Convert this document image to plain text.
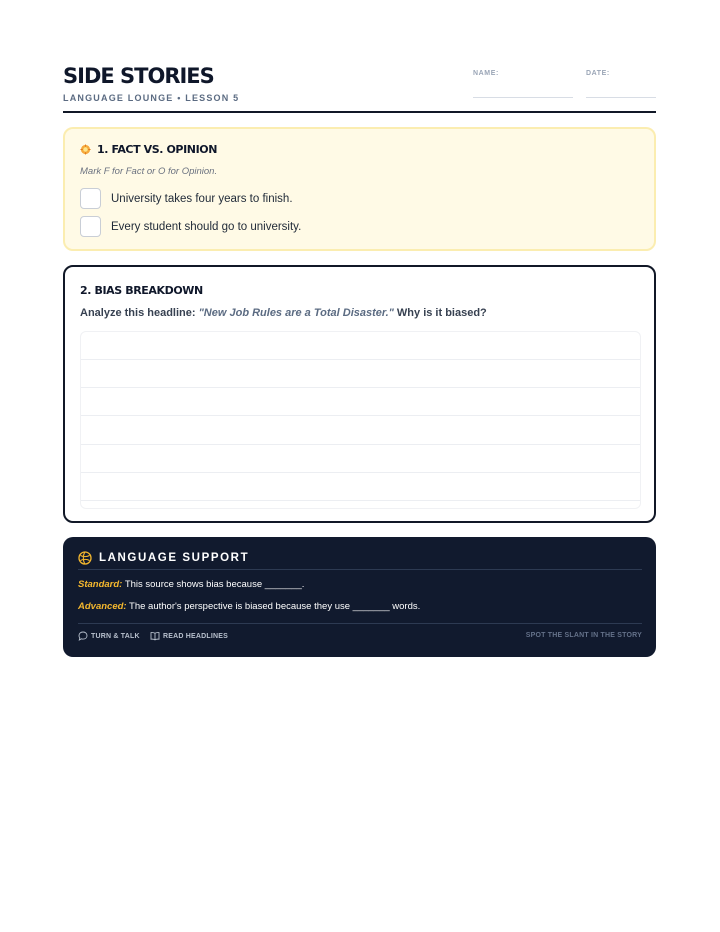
SIDE STORIES
LANGUAGE LOUNGE • LESSON 5
NAME:	DATE:
1. FACT VS. OPINION
Mark F for Fact or O for Opinion.
University takes four years to finish.
Every student should go to university.
2. BIAS BREAKDOWN
Analyze this headline: "New Job Rules are a Total Disaster." Why is it biased?
LANGUAGE SUPPORT
Standard: This source shows bias because _______.
Advanced: The author's perspective is biased because they use _______ words.
TURN & TALK	READ HEADLINES	SPOT THE SLANT IN THE STORY
